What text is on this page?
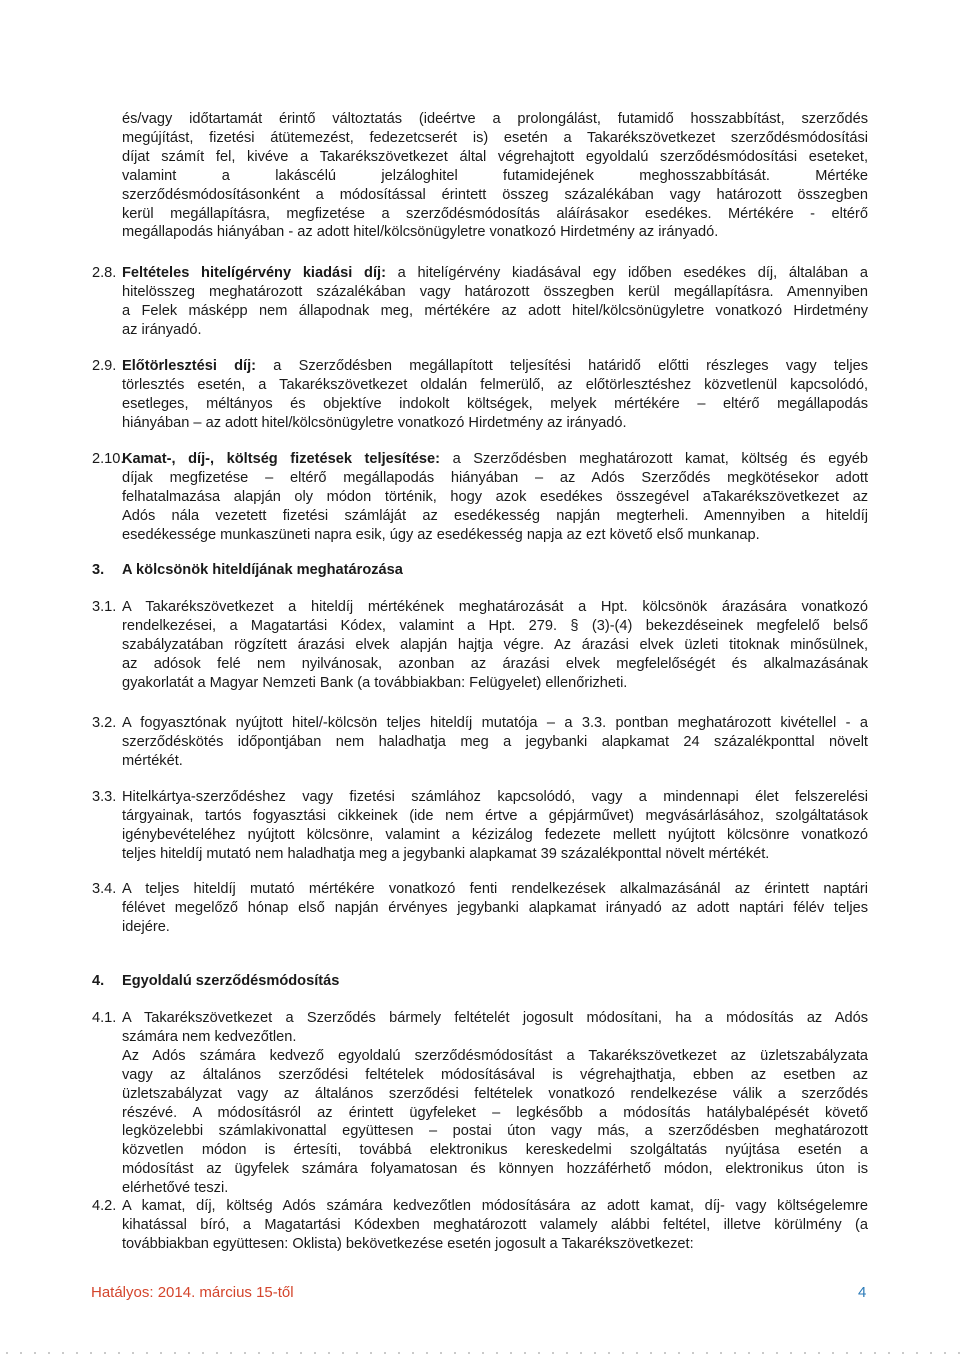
és/vagy időtartamát érintő változtatás (ideértve a prolongálást, futamidő hosszabbítást, szerződés
megújítást, fizetési átütemezést, fedezetcserét is) esetén a Takarékszövetkezet szerződésmódosítási
díjat számít fel, kivéve a Takarékszövetkezet által végrehajtott egyoldalú szerződésmódosítási eseteket,
valamint a lakáscélú jelzáloghitel futamidejének meghosszabbítását. Mértéke
szerződésmódosításonként a módosítással érintett összeg százalékában vagy határozott összegben
kerül megállapításra, megfizetése a szerződésmódosítás aláírásakor esedékes. Mértékére - eltérő
megállapodás hiányában - az adott hitel/kölcsönügyletre vonatkozó Hirdetmény az irányadó.
2.8. Feltételes hitelígérvény kiadási díj: a hitelígérvény kiadásával egy időben esedékes díj, általában a
hitelösszeg meghatározott százalékában vagy határozott összegben kerül megállapításra. Amennyiben
a Felek másképp nem állapodnak meg, mértékére az adott hitel/kölcsönügyletre vonatkozó Hirdetmény
az irányadó.
2.9. Előtörlesztési díj: a Szerződésben megállapított teljesítési határidő előtti részleges vagy teljes
törlesztés esetén, a Takarékszövetkezet oldalán felmerülő, az előtörlesztéshez közvetlenül kapcsolódó,
esetleges, méltányos és objektíve indokolt költségek, melyek mértékére – eltérő megállapodás
hiányában – az adott hitel/kölcsönügyletre vonatkozó Hirdetmény az irányadó.
2.10.
Kamat-, díj-, költség fizetések teljesítése: a Szerződésben meghatározott kamat, költség és egyéb
díjak megfizetése – eltérő megállapodás hiányában – az Adós Szerződés megkötésekor adott
felhatalmazása alapján oly módon történik, hogy azok esedékes összegével aTakarékszövetkezet az
Adós nála vezetett fizetési számláját az esedékesség napján megterheli. Amennyiben a hiteldíj
esedékessége munkaszüneti napra esik, úgy az esedékesség napja az ezt követő első munkanap.
3. A kölcsönök hiteldíjának meghatározása
3.1. A Takarékszövetkezet a hiteldíj mértékének meghatározását a Hpt. kölcsönök árazására vonatkozó
rendelkezései, a Magatartási Kódex, valamint a Hpt. 279. § (3)-(4) bekezdéseinek megfelelő belső
szabályzatában rögzített árazási elvek alapján hajtja végre. Az árazási elvek üzleti titoknak minősülnek,
az adósok felé nem nyilvánosak, azonban az árazási elvek megfelelőségét és alkalmazásának
gyakorlatát a Magyar Nemzeti Bank (a továbbiakban: Felügyelet) ellenőrizheti.
3.2. A fogyasztónak nyújtott hitel/-kölcsön teljes hiteldíj mutatója – a 3.3. pontban meghatározott kivétellel - a
szerződéskötés időpontjában nem haladhatja meg a jegybanki alapkamat 24 százalékponttal növelt
mértékét.
3.3. Hitelkártya-szerződéshez vagy fizetési számlához kapcsolódó, vagy a mindennapi élet felszerelési
tárgyainak, tartós fogyasztási cikkeinek (ide nem értve a gépjárművet) megvásárlásához, szolgáltatások
igénybevételéhez nyújtott kölcsönre, valamint a kézizálog fedezete mellett nyújtott kölcsönre vonatkozó
teljes hiteldíj mutató nem haladhatja meg a jegybanki alapkamat 39 százalékponttal növelt mértékét.
3.4. A teljes hiteldíj mutató mértékére vonatkozó fenti rendelkezések alkalmazásánál az érintett naptári
félévet megelőző hónap első napján érvényes jegybanki alapkamat irányadó az adott naptári félév teljes
idejére.
4. Egyoldalú szerződésmódosítás
4.1. A Takarékszövetkezet a Szerződés bármely feltételét jogosult módosítani, ha a módosítás az Adós
számára nem kedvezőtlen.
Az Adós számára kedvező egyoldalú szerződésmódosítást a Takarékszövetkezet az üzletszabályzata
vagy az általános szerződési feltételek módosításával is végrehajthatja, ebben az esetben az
üzletszabályzat vagy az általános szerződési feltételek vonatkozó rendelkezése válik a szerződés
részévé. A módosításról az érintett ügyfeleket – legkésőbb a módosítás hatálybalépését követő
legközelebbi számlakivonattal együttesen – postai úton vagy más, a szerződésben meghatározott
közvetlen módon is értesíti, továbbá elektronikus kereskedelmi szolgáltatás nyújtása esetén a
módosítást az ügyfelek számára folyamatosan és könnyen hozzáférhető módon, elektronikus úton is
elérhetővé teszi.
4.2. A kamat, díj, költség Adós számára kedvezőtlen módosítására az adott kamat, díj- vagy költségelemre
kihatással bíró, a Magatartási Kódexben meghatározott valamely alábbi feltétel, illetve körülmény (a
továbbiakban együttesen: Oklista) bekövetkezése esetén jogosult a Takarékszövetkezet:
Hatályos: 2014. március 15-től	4
